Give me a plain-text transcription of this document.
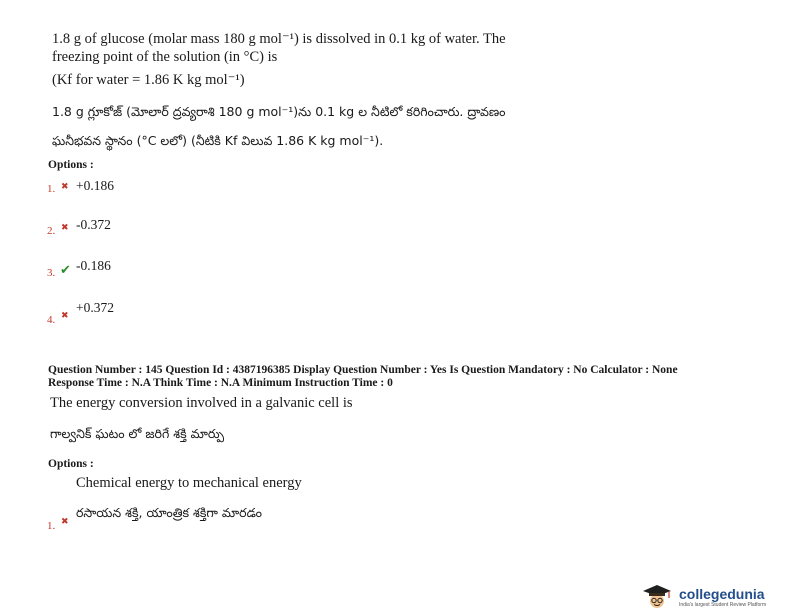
1.8 g of glucose (molar mass 180 g mol⁻¹) is dissolved in 0.1 kg of water. The
freezing point of the solution (in °C) is
(Kf for water = 1.86 K kg mol⁻¹)
1.8 g గ్లూకోజ్ (మోలార్ ద్రవ్యరాశి 180 g mol⁻¹)ను 0.1 kg ల నీటిలో కరిగించారు. ద్రావణం
ఘనీభవన స్థానం (°C లలో) (నీటికి Kf విలువ 1.86 K kg mol⁻¹).
Options :
1. ✖ +0.186
2. ✖ -0.372
3. ✔ -0.186
4. ✖ +0.372
Question Number : 145 Question Id : 4387196385 Display Question Number : Yes Is Question Mandatory : No Calculator : None
Response Time : N.A Think Time : N.A Minimum Instruction Time : 0
The energy conversion involved in a galvanic cell is
గాల్వనిక్ ఘటం లో జరిగే శక్తి మార్పు
Options :
Chemical energy to mechanical energy
రసాయన శక్తి, యాంత్రిక శక్తిగా మారడం
1. ✖
collegedunia
India's largest Student Review Platform
